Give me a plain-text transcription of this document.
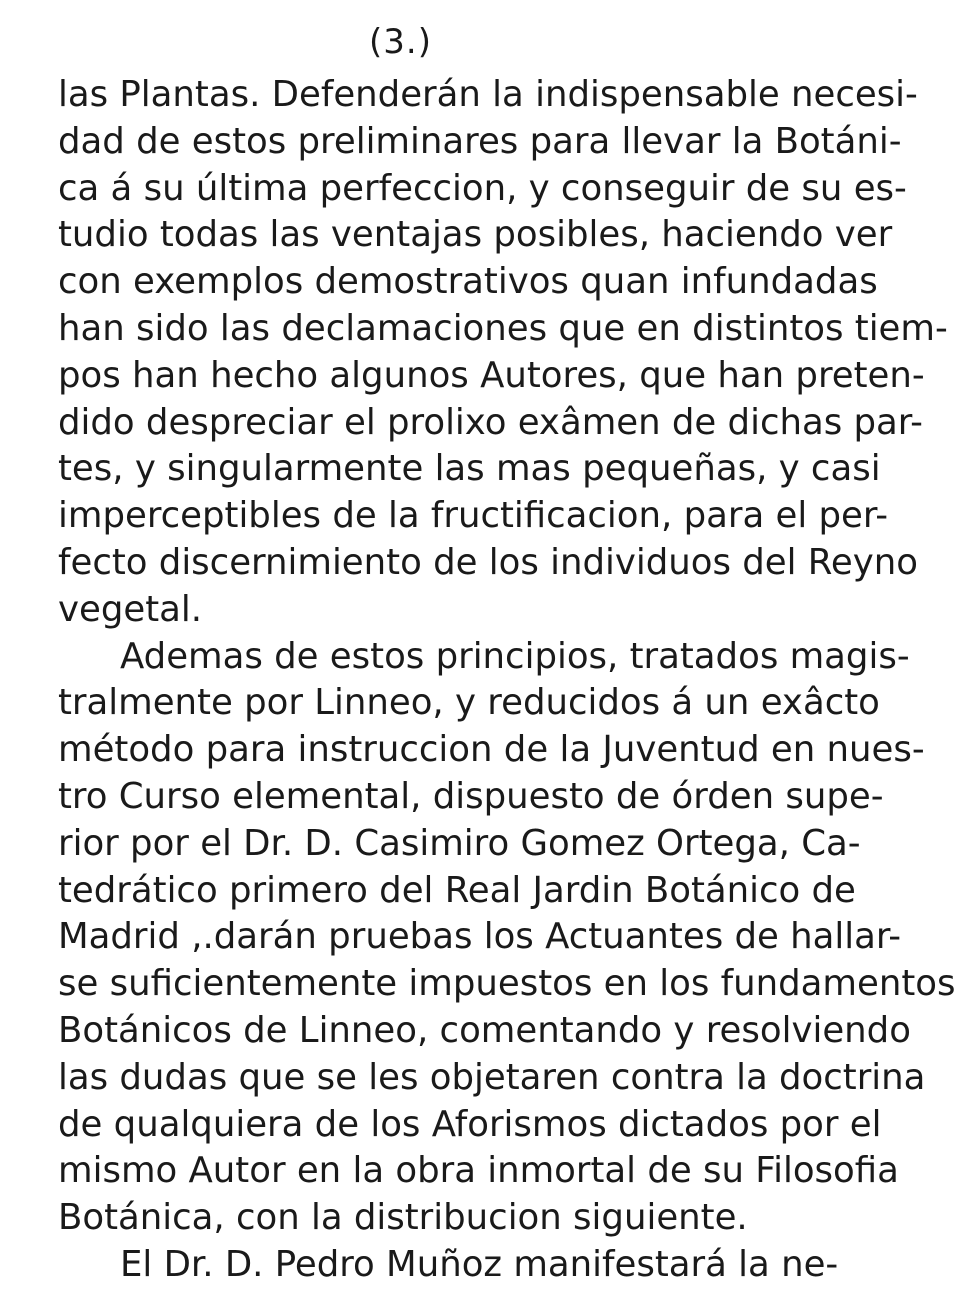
(3.)
las Plantas. Defenderán la indispensable necesi-
dad de estos preliminares para llevar la Botáni-
ca á su última perfeccion, y conseguir de su es-
tudio todas las ventajas posibles, haciendo ver
con exemplos demostrativos quan infundadas
han sido las declamaciones que en distintos tiem-
pos han hecho algunos Autores, que han preten-
dido despreciar el prolixo exâmen de dichas par-
tes, y singularmente las mas pequeñas, y casi
imperceptibles de la fructificacion, para el per-
fecto discernimiento de los individuos del Reyno
vegetal.
Ademas de estos principios, tratados magis-
tralmente por Linneo, y reducidos á un exâcto
método para instruccion de la Juventud en nues-
tro Curso elemental, dispuesto de órden supe-
rior por el Dr. D. Casimiro Gomez Ortega, Ca-
tedrático primero del Real Jardin Botánico de
Madrid ,.darán pruebas los Actuantes de hallar-
se suficientemente impuestos en los fundamentos
Botánicos de Linneo, comentando y resolviendo
las dudas que se les objetaren contra la doctrina
de qualquiera de los Aforismos dictados por el
mismo Autor en la obra inmortal de su Filosofia
Botánica, con la distribucion siguiente.
El Dr. D. Pedro Muñoz manifestará la ne-
